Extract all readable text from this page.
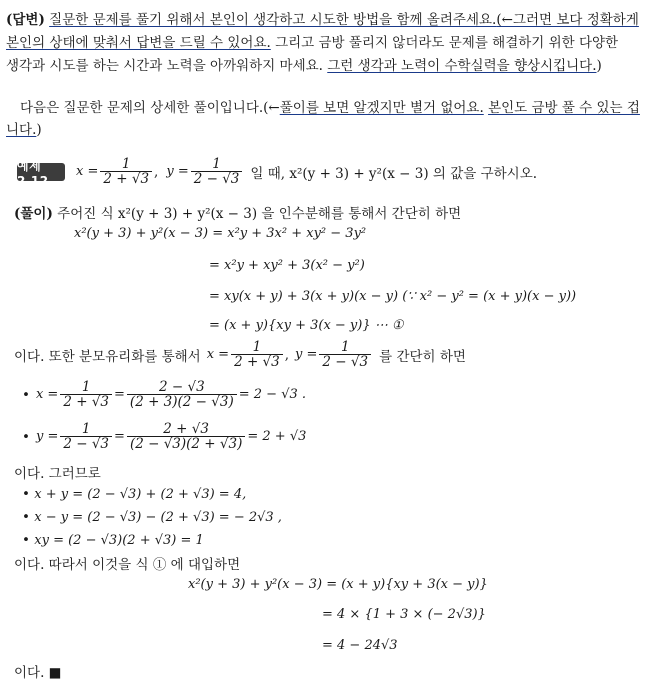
(답변) 질문한 문제를 풀기 위해서 본인이 생각하고 시도한 방법을 함께 올려주세요.(←그러면 보다 정확하게
본인의 상태에 맞춰서 답변을 드릴 수 있어요. 그리고 금방 풀리지 않더라도 문제를 해결하기 위한 다양한
생각과 시도를 하는 시간과 노력을 아까워하지 마세요. 그런 생각과 노력이 수학실력을 향상시킵니다.)
다음은 질문한 문제의 상세한 풀이입니다.(←풀이를 보면 알겠지만 별거 없어요. 본인도 금방 풀 수 있는 겁
니다.)
예제2.12
$x = \frac{1}{2 + √3}$ , $y = \frac{1}{2 - √3}$ 일 때, x²(y + 3) + y²(x − 3) 의 값을 구하시오.
(풀이) 주어진 식 x²(y + 3) + y²(x − 3) 을 인수분해를 통해서 간단히 하면
x²(y + 3) + y²(x − 3) = x²y + 3x² + xy² − 3y²
= x²y + xy² + 3(x² − y²)
= xy(x + y) + 3(x + y)(x − y) (∵ x² − y² = (x + y)(x − y))
= (x + y){xy + 3(x − y)} ⋯ ①
이다. 또한 분모유리화를 통해서 $x = \frac{1}{2 + √3}$ , $y = \frac{1}{2 - √3}$ 를 간단히 하면
• $x = \frac{1}{2 + √3} = \frac{2 - √3}{(2 + 3)(2 - √3)} = 2 - √3$ .
• $y = \frac{1}{2 - √3} = \frac{2 + √3}{(2 - √3)(2 + √3)} = 2 + √3$
이다. 그러므로
• x + y = (2 − √3) + (2 + √3) = 4,
• x − y = (2 − √3) − (2 + √3) = − 2√3 ,
• xy = (2 − √3)(2 + √3) = 1
이다. 따라서 이것을 식 ① 에 대입하면
x²(y + 3) + y²(x − 3) = (x + y){xy + 3(x − y)}
= 4 × {1 + 3 × (− 2√3)}
= 4 − 24√3
이다. ■
